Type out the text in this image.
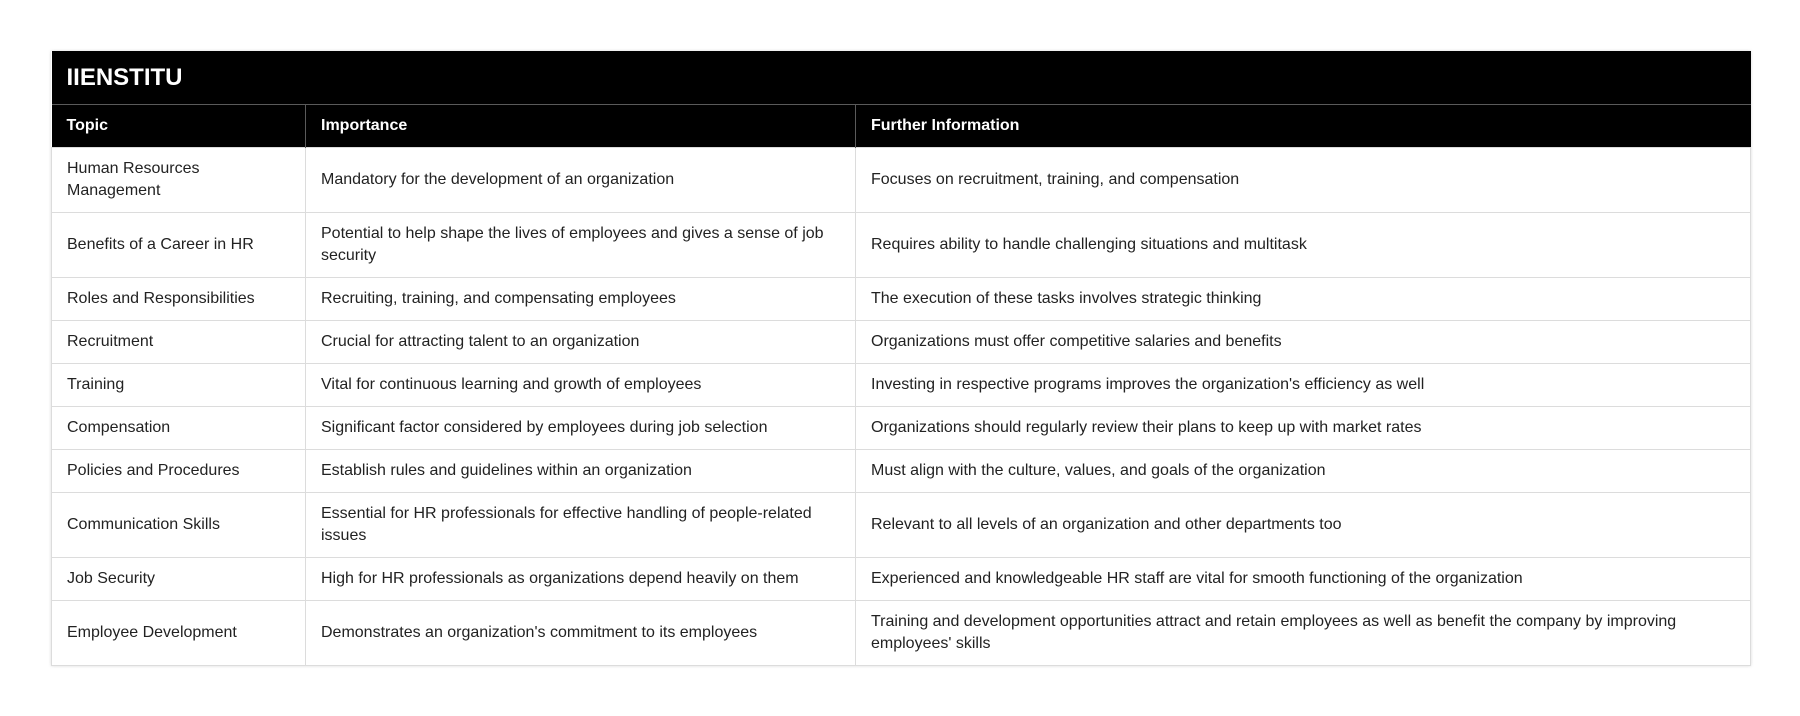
IIENSTITU		
Topic	Importance	Further Information
Human Resources Management	Mandatory for the development of an organization	Focuses on recruitment, training, and compensation
Benefits of a Career in HR	Potential to help shape the lives of employees and gives a sense of job security	Requires ability to handle challenging situations and multitask
Roles and Responsibilities	Recruiting, training, and compensating employees	The execution of these tasks involves strategic thinking
Recruitment	Crucial for attracting talent to an organization	Organizations must offer competitive salaries and benefits
Training	Vital for continuous learning and growth of employees	Investing in respective programs improves the organization's efficiency as well
Compensation	Significant factor considered by employees during job selection	Organizations should regularly review their plans to keep up with market rates
Policies and Procedures	Establish rules and guidelines within an organization	Must align with the culture, values, and goals of the organization
Communication Skills	Essential for HR professionals for effective handling of people-related issues	Relevant to all levels of an organization and other departments too
Job Security	High for HR professionals as organizations depend heavily on them	Experienced and knowledgeable HR staff are vital for smooth functioning of the organization
Employee Development	Demonstrates an organization's commitment to its employees	Training and development opportunities attract and retain employees as well as benefit the company by improving employees' skills
